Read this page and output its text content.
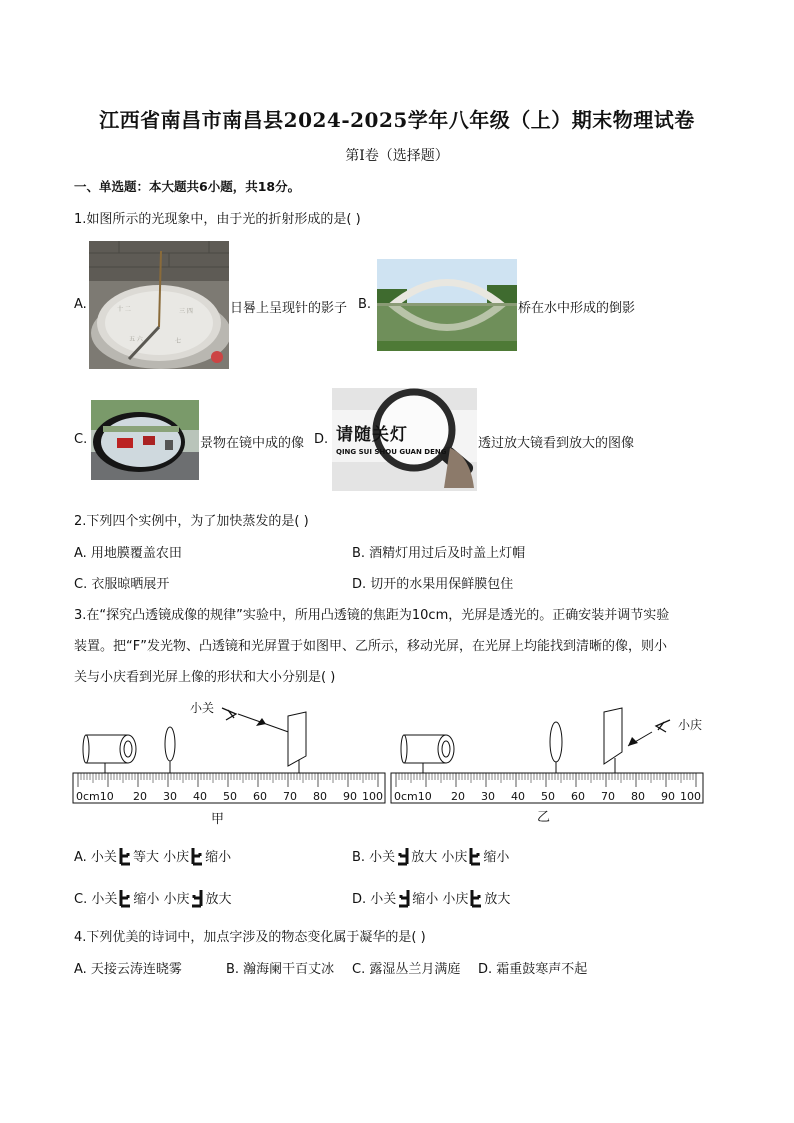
江西省南昌市南昌县2024-2025学年八年级（上）期末物理试卷
第I卷（选择题）
一、单选题：本大题共6小题，共18分。
1.如图所示的光现象中，由于光的折射形成的是( )
A.	十 二	三 四
五 六	七
日晷上呈现针的影子 B.	桥在水中形成的倒影
C.	景物在镜中成的像 D. 请随关灯
QING SUI SHOU GUAN DENG
透过放大镜看到放大的图像
2.下列四个实例中，为了加快蒸发的是( )
A. 用地膜覆盖农田	B. 酒精灯用过后及时盖上灯帽
C. 衣服晾晒展开	D. 切开的水果用保鲜膜包住
3.在“探究凸透镜成像的规律”实验中，所用凸透镜的焦距为10cm，光屏是透光的。正确安装并调节实验
装置。把“F”发光物、凸透镜和光屏置于如图甲、乙所示，移动光屏，在光屏上均能找到清晰的像，则小
关与小庆看到光屏上像的形状和大小分别是( )
小关
0cm10 20 30 40 50 60 70 80 90 100
甲
小庆
0cm10 20 30 40 50 60 70 80 90 100
乙
A. 小关 等大 小庆 缩小	B. 小关 放大 小庆 缩小
C. 小关 缩小 小庆 放大	D. 小关 缩小 小庆 放大
4.下列优美的诗词中，加点字涉及的物态变化属于凝华的是( )
A. 天接云涛连晓雾	B. 瀚海阑干百丈冰 C. 露湿丛兰月满庭 D. 霜重鼓寒声不起
